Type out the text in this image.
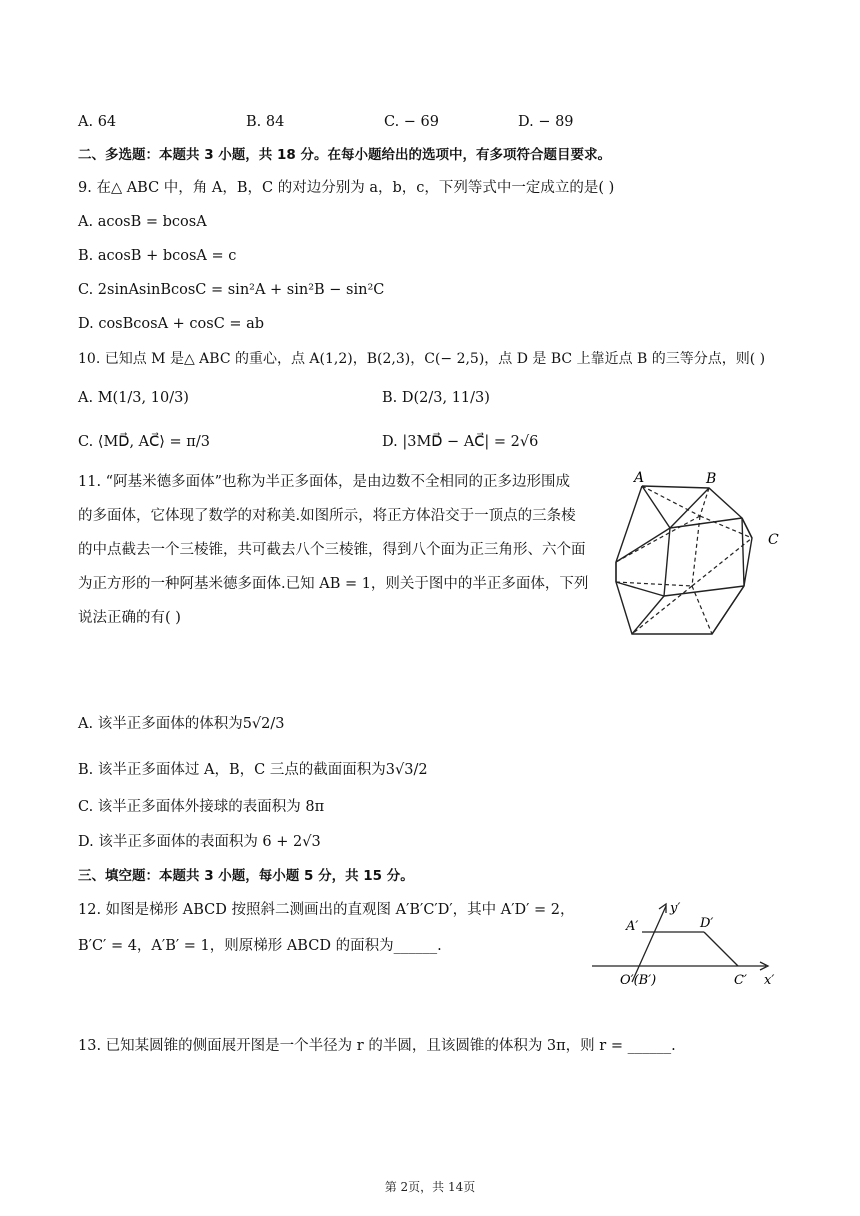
A. 64	B. 84	C. − 69	D. − 89
二、多选题：本题共 3 小题，共 18 分。在每小题给出的选项中，有多项符合题目要求。
9. 在△ ABC 中，角 A，B，C 的对边分别为 a，b，c，下列等式中一定成立的是( )
A. acosB = bcosA
B. acosB + bcosA = c
C. 2sinAsinBcosC = sin²A + sin²B − sin²C
D. cosBcosA + cosC = ab
10. 已知点 M 是△ ABC 的重心，点 A(1,2)，B(2,3)，C(− 2,5)，点 D 是 BC 上靠近点 B 的三等分点，则( )
A. M(1/3, 10/3)	B. D(2/3, 11/3)
C. ⟨MD⃗, AC⃗⟩ = π/3	D. |3MD⃗ − AC⃗| = 2√6
11. “阿基米德多面体”也称为半正多面体，是由边数不全相同的正多边形围成
的多面体，它体现了数学的对称美.如图所示，将正方体沿交于一顶点的三条棱
的中点截去一个三棱锥，共可截去八个三棱锥，得到八个面为正三角形、六个面
为正方形的一种阿基米德多面体.已知 AB = 1，则关于图中的半正多面体，下列
说法正确的有( )
A	B
C
A. 该半正多面体的体积为5√2/3
B. 该半正多面体过 A，B，C 三点的截面面积为3√3/2
C. 该半正多面体外接球的表面积为 8π
D. 该半正多面体的表面积为 6 + 2√3
三、填空题：本题共 3 小题，每小题 5 分，共 15 分。
12. 如图是梯形 ABCD 按照斜二测画出的直观图 A′B′C′D′，其中 A′D′ = 2，
B′C′ = 4，A′B′ = 1，则原梯形 ABCD 的面积为______.
y′
A′	D′
O′(B′)	C′ x′
13. 已知某圆锥的侧面展开图是一个半径为 r 的半圆，且该圆锥的体积为 3π，则 r = ______.
第 2页，共 14页
